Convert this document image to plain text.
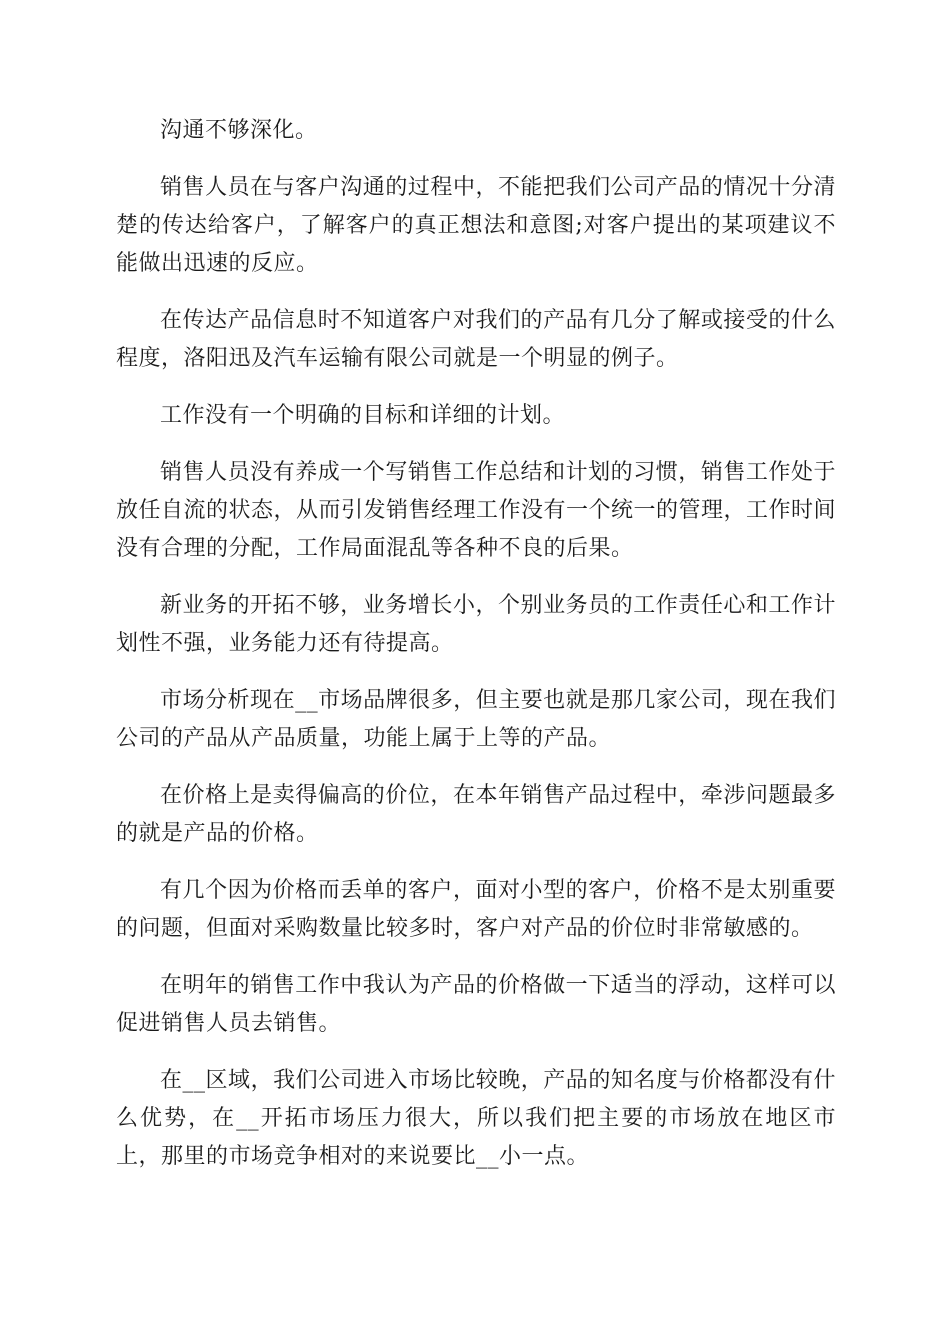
沟通不够深化。

销售人员在与客户沟通的过程中，不能把我们公司产品的情况十分清楚的传达给客户，了解客户的真正想法和意图;对客户提出的某项建议不能做出迅速的反应。

在传达产品信息时不知道客户对我们的产品有几分了解或接受的什么程度，洛阳迅及汽车运输有限公司就是一个明显的例子。

工作没有一个明确的目标和详细的计划。

销售人员没有养成一个写销售工作总结和计划的习惯，销售工作处于放任自流的状态，从而引发销售经理工作没有一个统一的管理，工作时间没有合理的分配，工作局面混乱等各种不良的后果。

新业务的开拓不够，业务增长小，个别业务员的工作责任心和工作计划性不强，业务能力还有待提高。

市场分析现在__市场品牌很多，但主要也就是那几家公司，现在我们公司的产品从产品质量，功能上属于上等的产品。

在价格上是卖得偏高的价位，在本年销售产品过程中，牵涉问题最多的就是产品的价格。

有几个因为价格而丢单的客户，面对小型的客户，价格不是太别重要的问题，但面对采购数量比较多时，客户对产品的价位时非常敏感的。

在明年的销售工作中我认为产品的价格做一下适当的浮动，这样可以促进销售人员去销售。

在__区域，我们公司进入市场比较晚，产品的知名度与价格都没有什么优势，在__开拓市场压力很大，所以我们把主要的市场放在地区市上，那里的市场竞争相对的来说要比__小一点。
